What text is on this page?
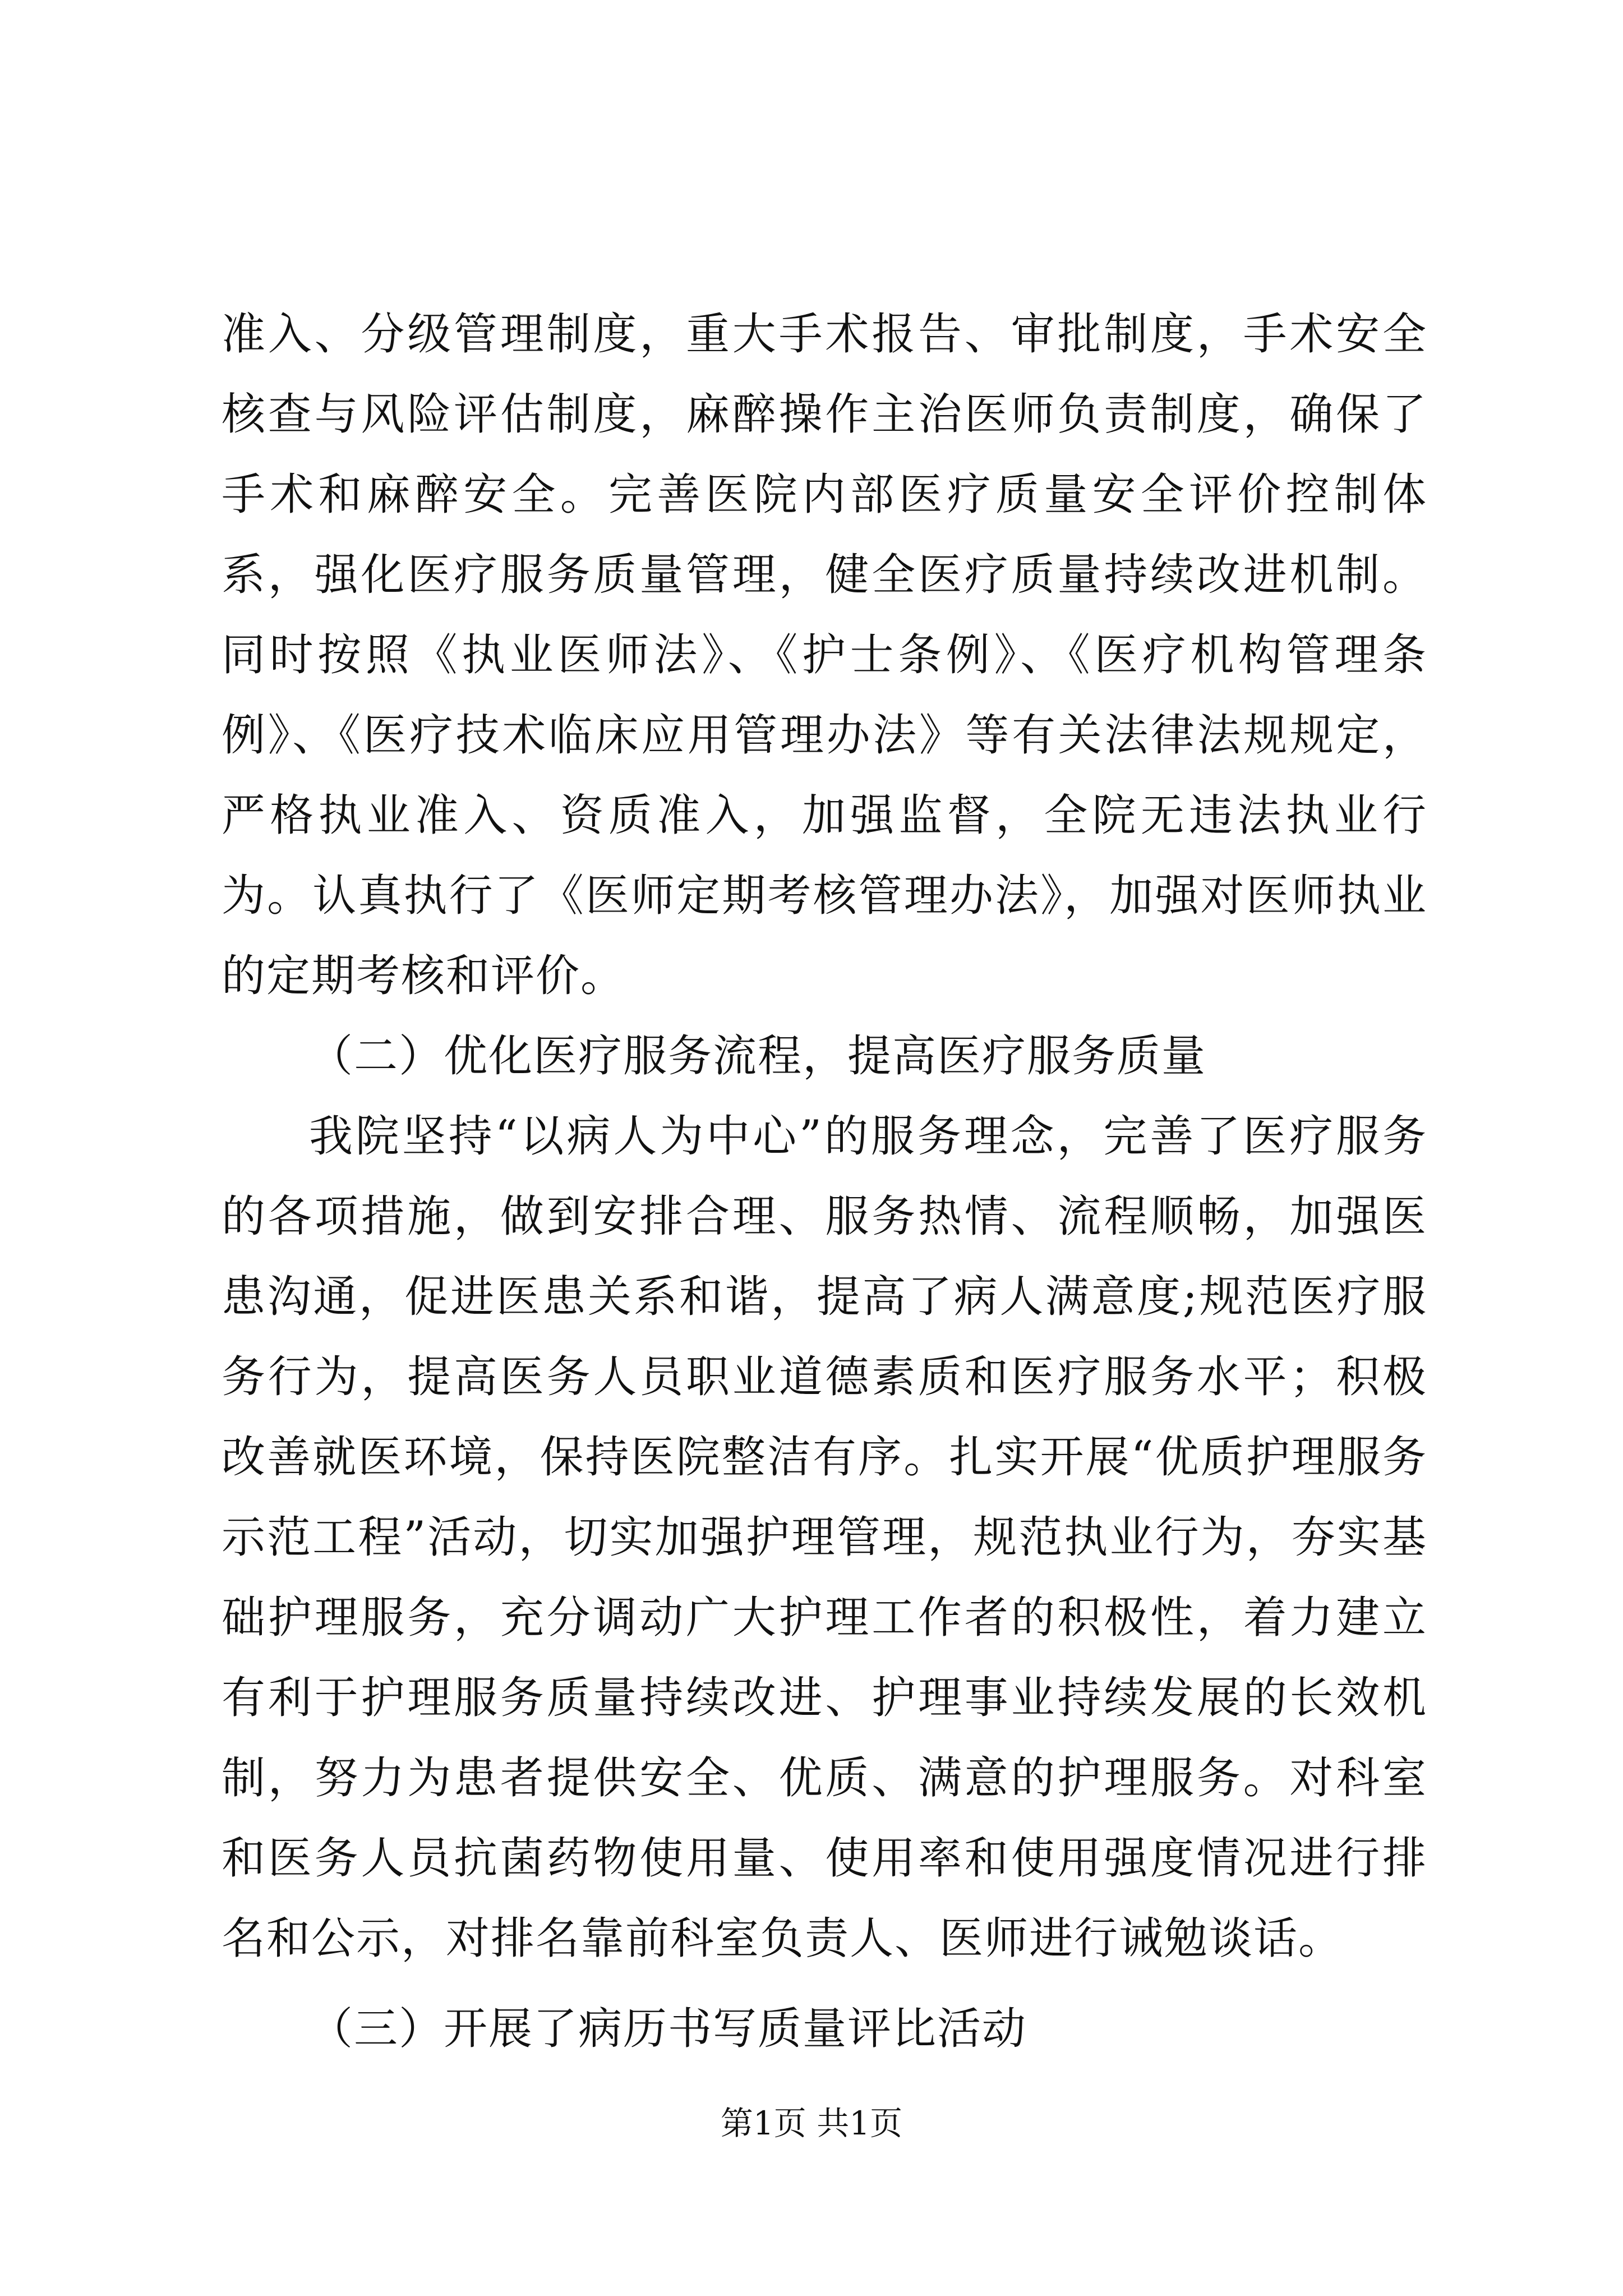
准入、分级管理制度，重大手术报告、审批制度，手术安全核查与风险评估制度，麻醉操作主治医师负责制度，确保了手术和麻醉安全。完善医院内部医疗质量安全评价控制体系，强化医疗服务质量管理，健全医疗质量持续改进机制。同时按照《执业医师法》、《护士条例》、《医疗机构管理条例》、《医疗技术临床应用管理办法》等有关法律法规规定，严格执业准入、资质准入，加强监督，全院无违法执业行为。认真执行了《医师定期考核管理办法》，加强对医师执业的定期考核和评价。

（二）优化医疗服务流程，提高医疗服务质量

我院坚持“以病人为中心”的服务理念，完善了医疗服务的各项措施，做到安排合理、服务热情、流程顺畅，加强医患沟通，促进医患关系和谐，提高了病人满意度;规范医疗服务行为，提高医务人员职业道德素质和医疗服务水平；积极改善就医环境，保持医院整洁有序。扎实开展“优质护理服务示范工程”活动，切实加强护理管理，规范执业行为，夯实基础护理服务，充分调动广大护理工作者的积极性，着力建立有利于护理服务质量持续改进、护理事业持续发展的长效机制，努力为患者提供安全、优质、满意的护理服务。对科室和医务人员抗菌药物使用量、使用率和使用强度情况进行排名和公示，对排名靠前科室负责人、医师进行诫勉谈话。

（三）开展了病历书写质量评比活动

第1页 共1页
